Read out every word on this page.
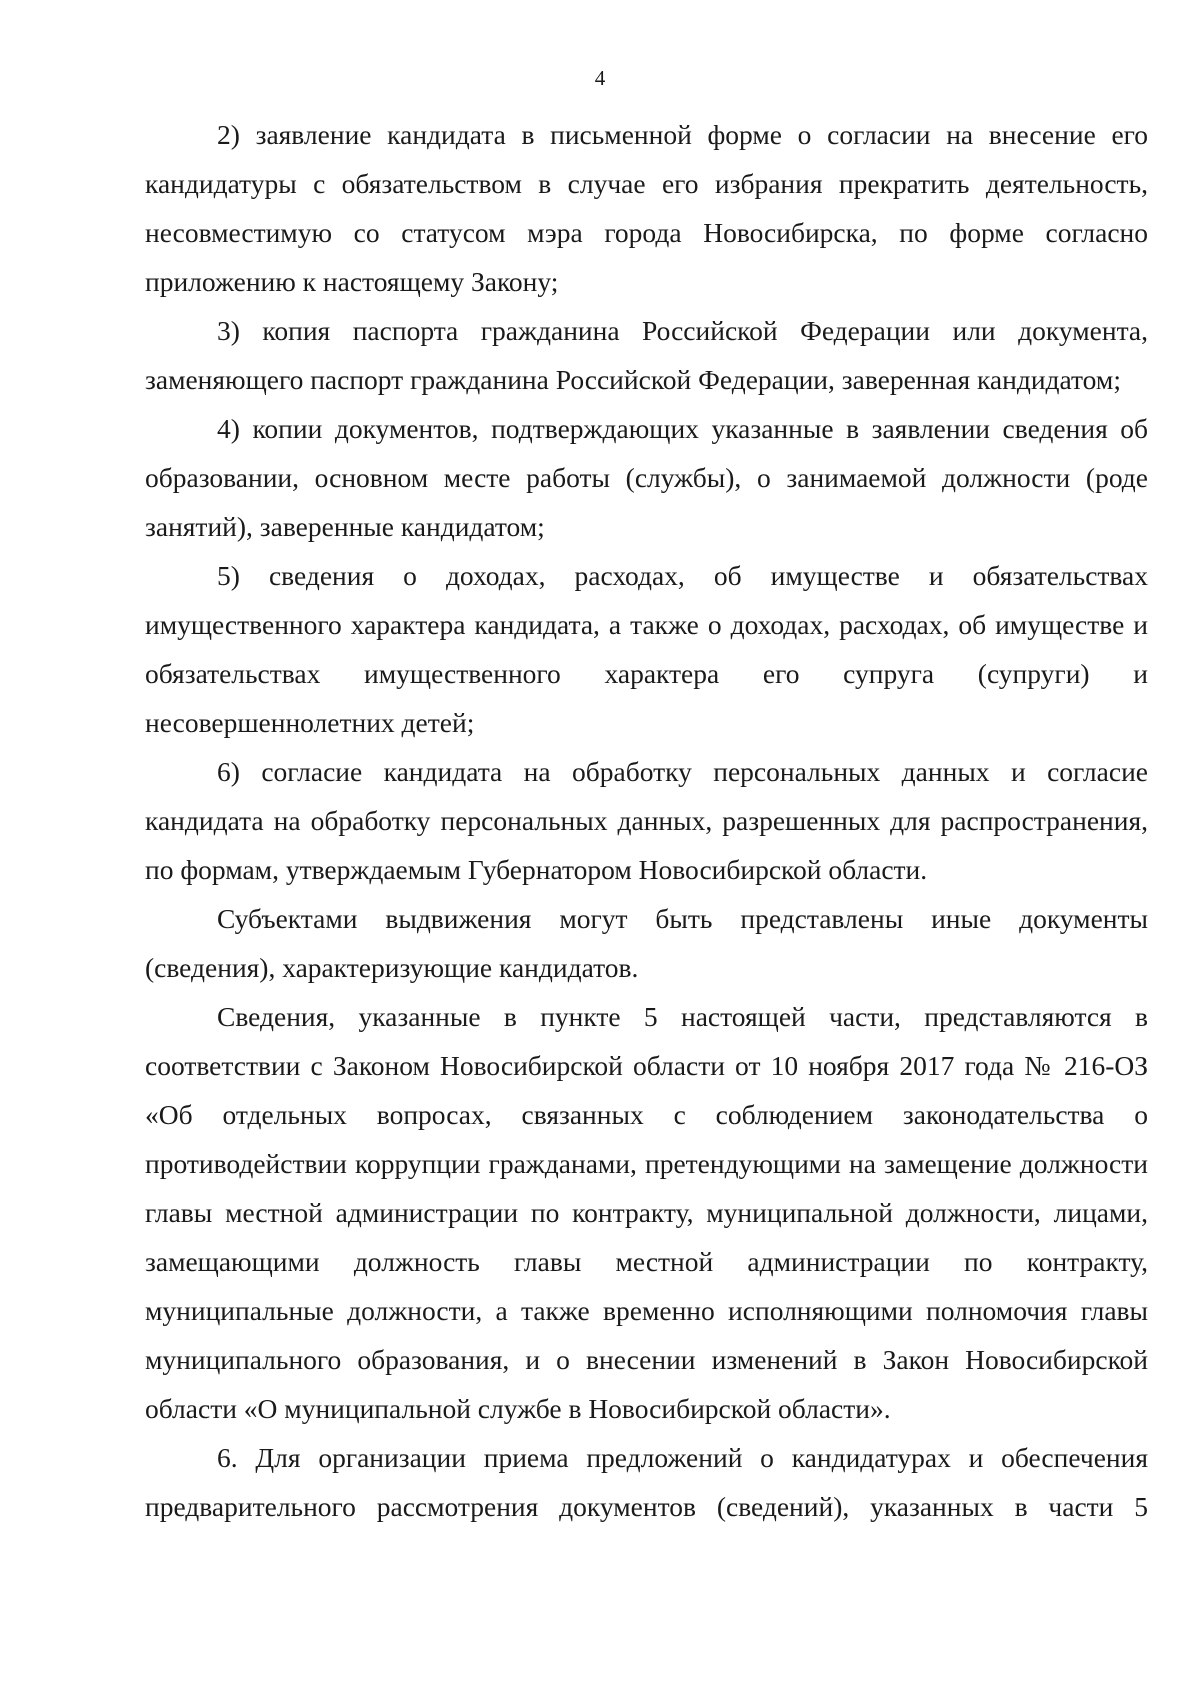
4

2) заявление кандидата в письменной форме о согласии на внесение его кандидатуры с обязательством в случае его избрания прекратить деятельность, несовместимую со статусом мэра города Новосибирска, по форме согласно приложению к настоящему Закону;

3) копия паспорта гражданина Российской Федерации или документа, заменяющего паспорт гражданина Российской Федерации, заверенная кандидатом;

4) копии документов, подтверждающих указанные в заявлении сведения об образовании, основном месте работы (службы), о занимаемой должности (роде занятий), заверенные кандидатом;

5) сведения о доходах, расходах, об имуществе и обязательствах имущественного характера кандидата, а также о доходах, расходах, об имуществе и обязательствах имущественного характера его супруга (супруги) и несовершеннолетних детей;

6) согласие кандидата на обработку персональных данных и согласие кандидата на обработку персональных данных, разрешенных для распространения, по формам, утверждаемым Губернатором Новосибирской области.

Субъектами выдвижения могут быть представлены иные документы (сведения), характеризующие кандидатов.

Сведения, указанные в пункте 5 настоящей части, представляются в соответствии с Законом Новосибирской области от 10 ноября 2017 года № 216-ОЗ «Об отдельных вопросах, связанных с соблюдением законодательства о противодействии коррупции гражданами, претендующими на замещение должности главы местной администрации по контракту, муниципальной должности, лицами, замещающими должность главы местной администрации по контракту, муниципальные должности, а также временно исполняющими полномочия главы муниципального образования, и о внесении изменений в Закон Новосибирской области «О муниципальной службе в Новосибирской области».

6. Для организации приема предложений о кандидатурах и обеспечения предварительного рассмотрения документов (сведений), указанных в части 5
